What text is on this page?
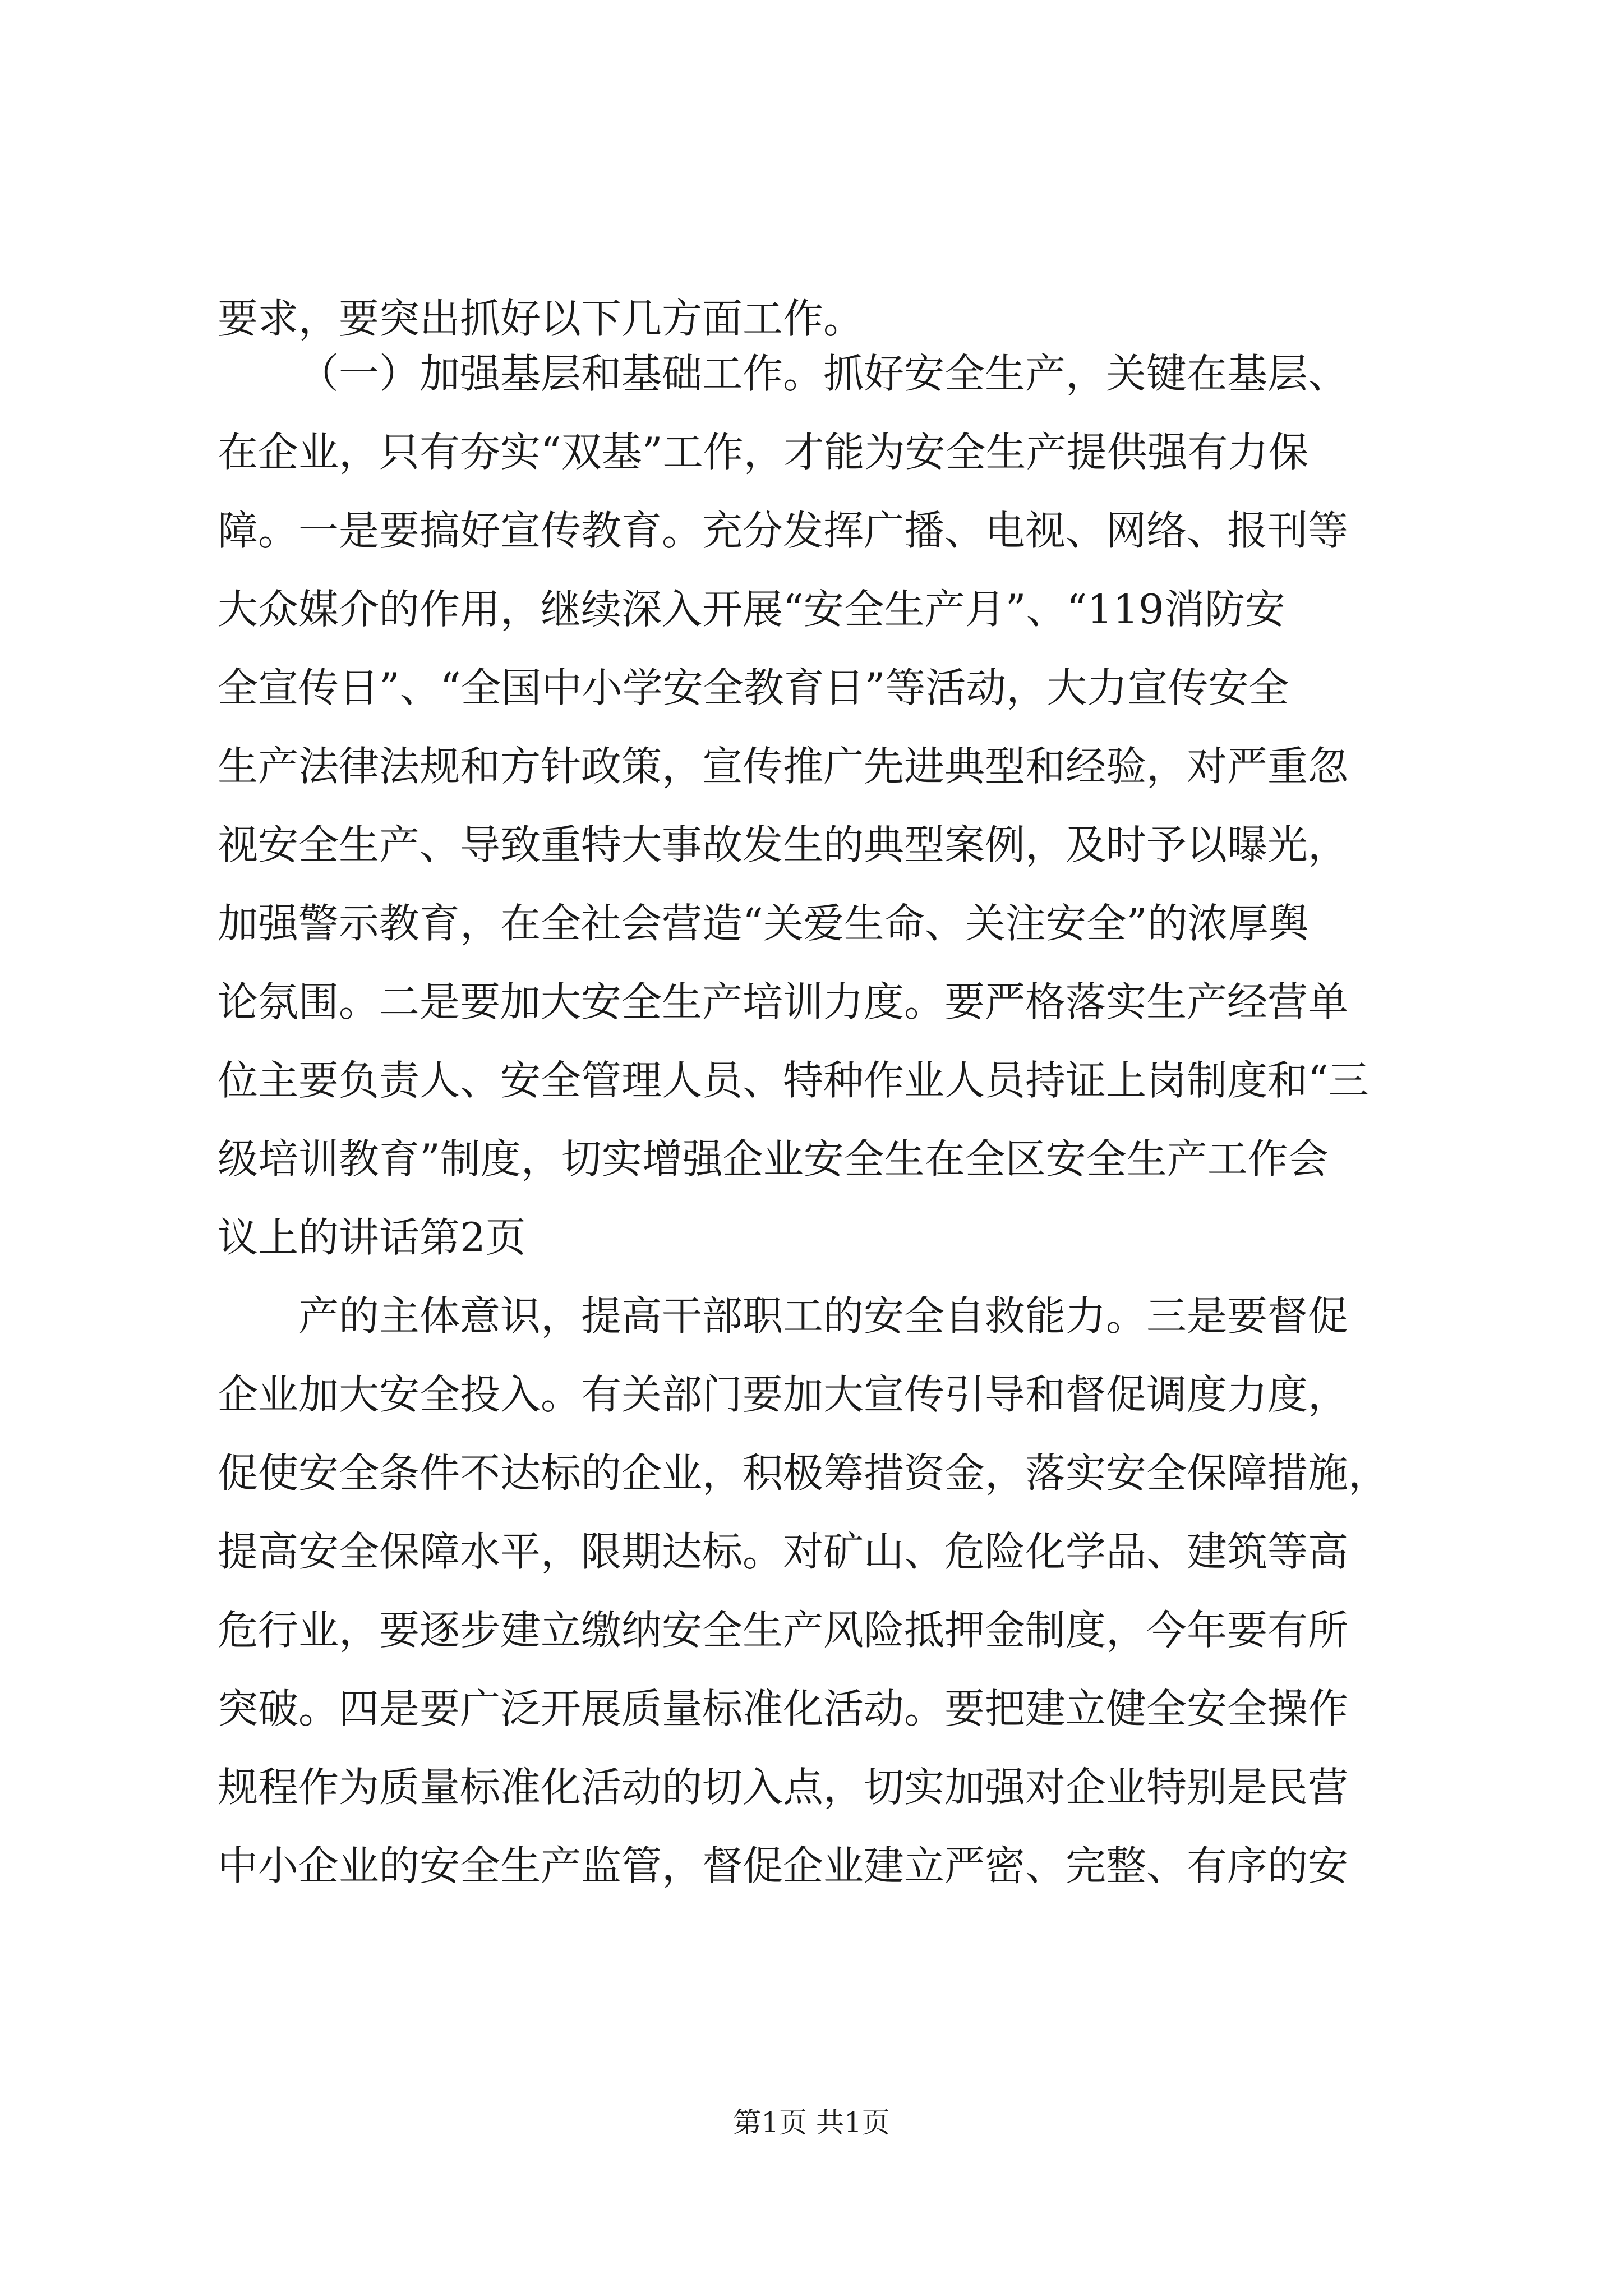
要求，要突出抓好以下几方面工作。
（一）加强基层和基础工作。抓好安全生产，关键在基层、
在企业，只有夯实“双基”工作，才能为安全生产提供强有力保
障。一是要搞好宣传教育。充分发挥广播、电视、网络、报刊等
大众媒介的作用，继续深入开展“安全生产月”、“119消防安
全宣传日”、“全国中小学安全教育日”等活动，大力宣传安全
生产法律法规和方针政策，宣传推广先进典型和经验，对严重忽
视安全生产、导致重特大事故发生的典型案例，及时予以曝光，
加强警示教育，在全社会营造“关爱生命、关注安全”的浓厚舆
论氛围。二是要加大安全生产培训力度。要严格落实生产经营单
位主要负责人、安全管理人员、特种作业人员持证上岗制度和“三
级培训教育”制度，切实增强企业安全生在全区安全生产工作会
议上的讲话第2页
产的主体意识，提高干部职工的安全自救能力。三是要督促
企业加大安全投入。有关部门要加大宣传引导和督促调度力度，
促使安全条件不达标的企业，积极筹措资金，落实安全保障措施，
提高安全保障水平，限期达标。对矿山、危险化学品、建筑等高
危行业，要逐步建立缴纳安全生产风险抵押金制度，今年要有所
突破。四是要广泛开展质量标准化活动。要把建立健全安全操作
规程作为质量标准化活动的切入点，切实加强对企业特别是民营
中小企业的安全生产监管，督促企业建立严密、完整、有序的安
第1页 共1页
